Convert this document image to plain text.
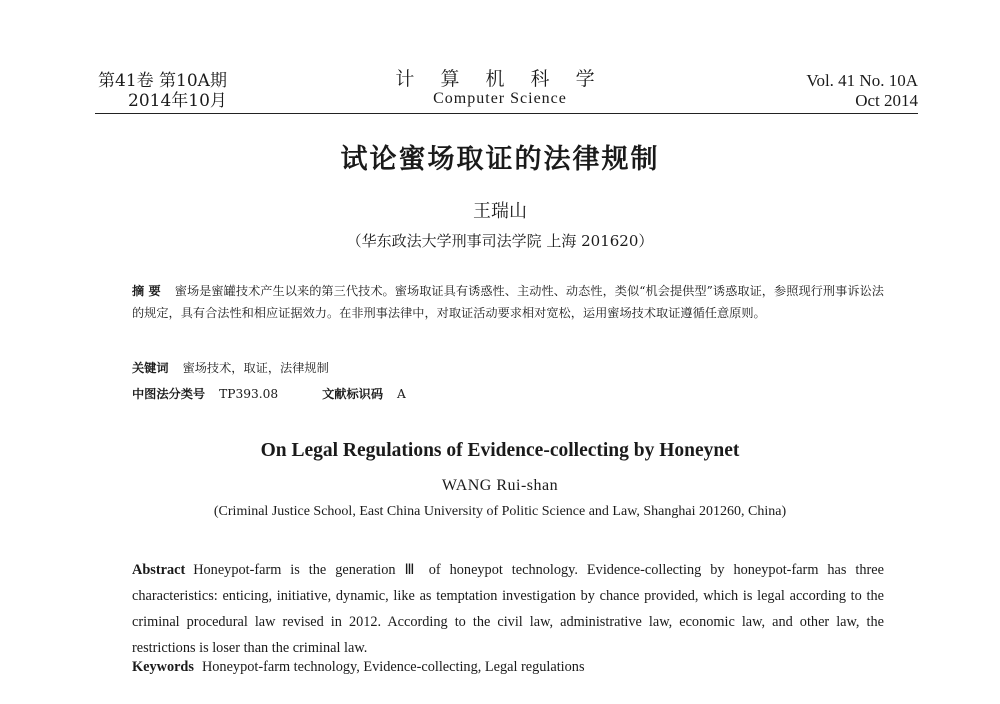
第41卷 第10A期
2014年10月
计 算 机 科 学
Computer Science
Vol. 41 No. 10A
Oct 2014
试论蜜场取证的法律规制
王瑞山
（华东政法大学刑事司法学院 上海 201620）
摘 要 蜜场是蜜罐技术产生以来的第三代技术。蜜场取证具有诱惑性、主动性、动态性，类似“机会提供型”诱惑取证，参照现行刑事诉讼法的规定，具有合法性和相应证据效力。在非刑事法律中，对取证活动要求相对宽松，运用蜜场技术取证遵循任意原则。
关键词 蜜场技术，取证，法律规制
中图法分类号 TP393.08	文献标识码 A
On Legal Regulations of Evidence-collecting by Honeynet
WANG Rui-shan
(Criminal Justice School, East China University of Politic Science and Law, Shanghai 201260, China)
Abstract Honeypot-farm is the generation Ⅲ of honeypot technology. Evidence-collecting by honeypot-farm has three characteristics: enticing, initiative, dynamic, like as temptation investigation by chance provided, which is legal according to the criminal procedural law revised in 2012. According to the civil law, administrative law, economic law, and other law, the restrictions is loser than the criminal law.
Keywords Honeypot-farm technology, Evidence-collecting, Legal regulations
